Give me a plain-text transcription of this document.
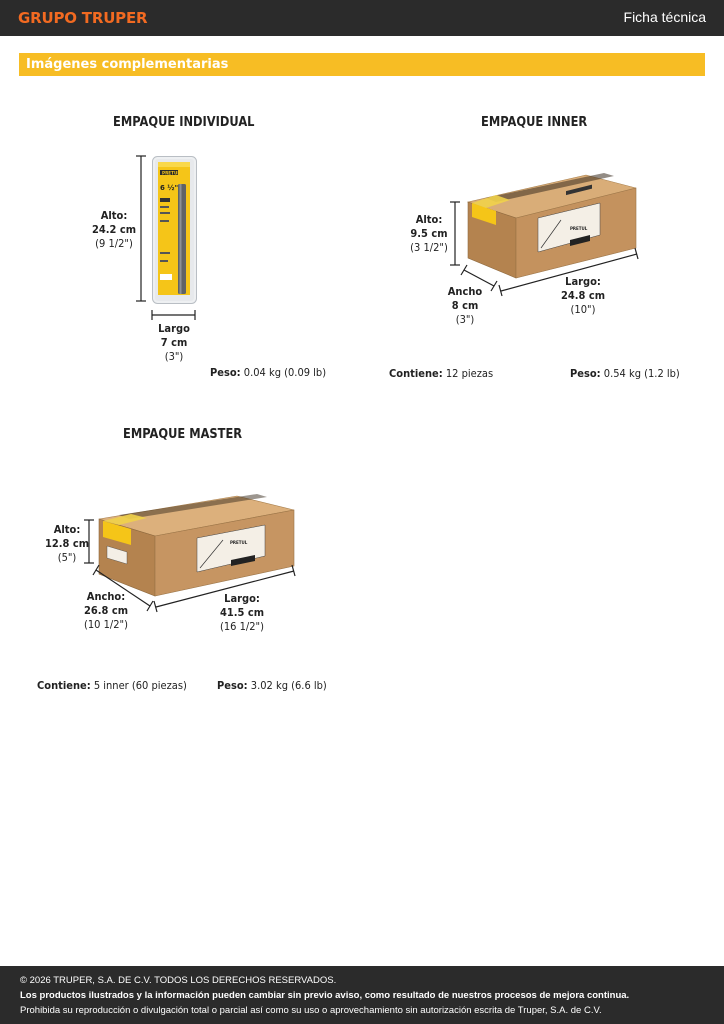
GRUPO TRUPER	Ficha técnica
Imágenes complementarias
EMPAQUE INDIVIDUAL
PRETUL
6 ½"
Alto:
24.2 cm
(9 1/2")
Largo
7 cm
(3")
Peso: 0.04 kg (0.09 lb)
EMPAQUE INNER
PRETUL
Alto:
9.5 cm
(3 1/2")
Ancho
8 cm
(3")
Largo:
24.8 cm
(10")
Contiene: 12 piezas	Peso: 0.54 kg (1.2 lb)
EMPAQUE MASTER
PRETUL
Alto:
12.8 cm
(5")
Ancho:
26.8 cm
(10 1/2")
Largo:
41.5 cm
(16 1/2")
Contiene: 5 inner (60 piezas)	Peso: 3.02 kg (6.6 lb)
© 2026 TRUPER, S.A. DE C.V. TODOS LOS DERECHOS RESERVADOS.
Los productos ilustrados y la información pueden cambiar sin previo aviso, como resultado de nuestros procesos de mejora continua.
Prohibida su reproducción o divulgación total o parcial así como su uso o aprovechamiento sin autorización escrita de Truper, S.A. de C.V.
